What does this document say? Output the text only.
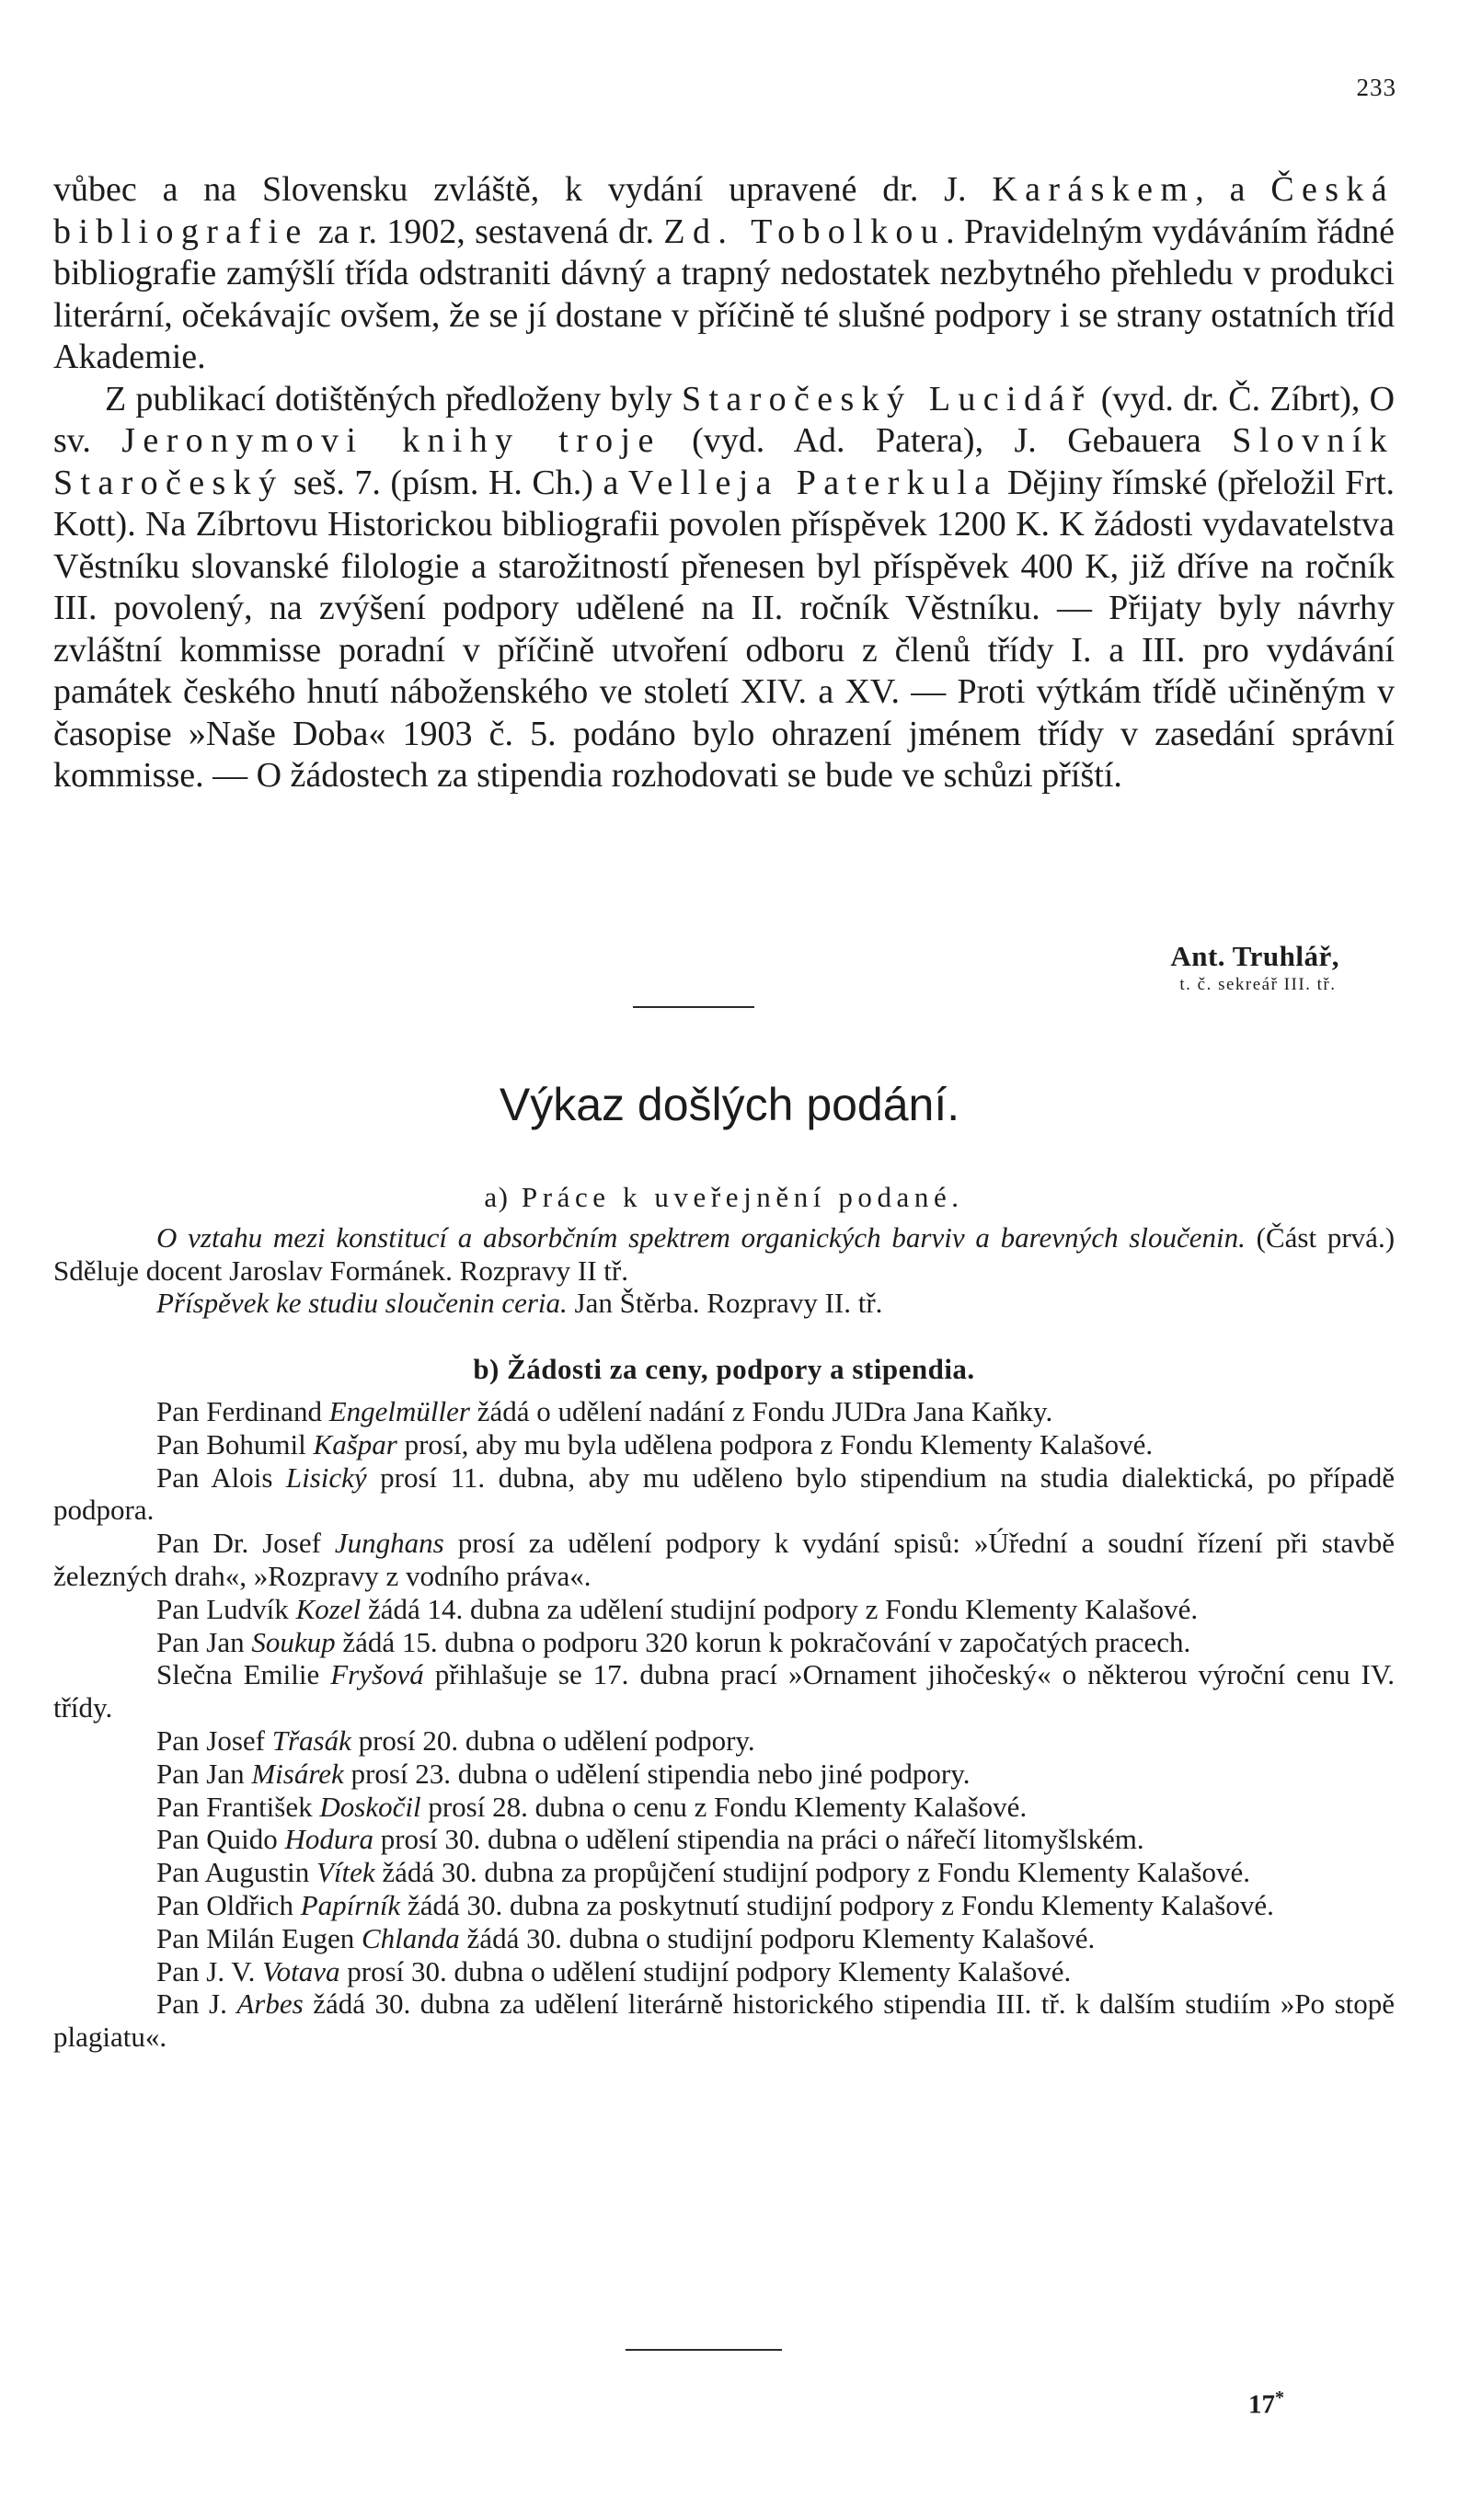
233

vůbec a na Slovensku zvláště, k vydání upravené dr. J. Karáskem, a Česká bibliografie za r. 1902, sestavená dr. Zd. Tobolkou. Pravidelným vydáváním řádné bibliografie zamýšlí třída odstraniti dávný a trapný nedostatek nezbytného přehledu v produkci literární, očekávajíc ovšem, že se jí dostane v příčině té slušné podpory i se strany ostatních tříd Akademie.

Z publikací dotištěných předloženy byly Staročeský Lucidář (vyd. dr. Č. Zíbrt), O sv. Jeronymovi knihy troje (vyd. Ad. Patera), J. Gebauera Slovník Staročeský seš. 7. (písm. H. Ch.) a Velleja Paterkula Dějiny římské (přeložil Frt. Kott). Na Zíbrtovu Historickou bibliografii povolen příspěvek 1200 K. K žádosti vydavatelstva Věstníku slovanské filologie a starožitností přenesen byl příspěvek 400 K, již dříve na ročník III. povolený, na zvýšení podpory udělené na II. ročník Věstníku. — Přijaty byly návrhy zvláštní kommisse poradní v příčině utvoření odboru z členů třídy I. a III. pro vydávání památek českého hnutí náboženského ve století XIV. a XV. — Proti výtkám třídě učiněným v časopise »Naše Doba« 1903 č. 5. podáno bylo ohrazení jménem třídy v zasedání správní kommisse. — O žádostech za stipendia rozhodovati se bude ve schůzi příští.

Ant. Truhlář,
t. č. sekreář III. tř.
Výkaz došlých podání.

a) Práce k uveřejnění podané.

O vztahu mezi konstitucí a absorbčním spektrem organických barviv a barevných sloučenin. (Část prvá.) Sděluje docent Jaroslav Formánek. Rozpravy II tř.

Příspěvek ke studiu sloučenin ceria. Jan Štěrba. Rozpravy II. tř.

b) Žádosti za ceny, podpory a stipendia.

Pan Ferdinand Engelmüller žádá o udělení nadání z Fondu JUDra Jana Kaňky.

Pan Bohumil Kašpar prosí, aby mu byla udělena podpora z Fondu Klementy Kalašové.

Pan Alois Lisický prosí 11. dubna, aby mu uděleno bylo stipendium na studia dialektická, po případě podpora.

Pan Dr. Josef Junghans prosí za udělení podpory k vydání spisů: »Úřední a soudní řízení při stavbě železných drah«, »Rozpravy z vodního práva«.

Pan Ludvík Kozel žádá 14. dubna za udělení studijní podpory z Fondu Klementy Kalašové.

Pan Jan Soukup žádá 15. dubna o podporu 320 korun k pokračování v započatých pracech.

Slečna Emilie Fryšová přihlašuje se 17. dubna prací »Ornament jihočeský« o některou výroční cenu IV. třídy.

Pan Josef Třasák prosí 20. dubna o udělení podpory.

Pan Jan Misárek prosí 23. dubna o udělení stipendia nebo jiné podpory.

Pan František Doskočil prosí 28. dubna o cenu z Fondu Klementy Kalašové.

Pan Quido Hodura prosí 30. dubna o udělení stipendia na práci o nářečí litomyšlském.

Pan Augustin Vítek žádá 30. dubna za propůjčení studijní podpory z Fondu Klementy Kalašové.

Pan Oldřich Papírník žádá 30. dubna za poskytnutí studijní podpory z Fondu Klementy Kalašové.

Pan Milán Eugen Chlanda žádá 30. dubna o studijní podporu Klementy Kalašové.

Pan J. V. Votava prosí 30. dubna o udělení studijní podpory Klementy Kalašové.

Pan J. Arbes žádá 30. dubna za udělení literárně historického stipendia III. tř. k dalším studiím »Po stopě plagiatu«.

17*
